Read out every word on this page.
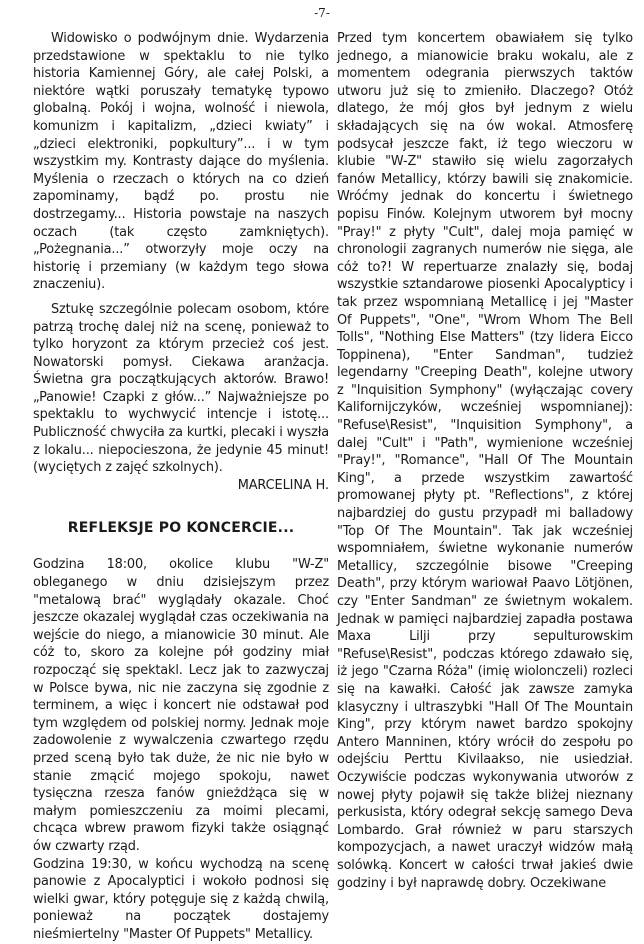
-7-

Widowisko o podwójnym dnie. Wydarzenia przedstawione w spektaklu to nie tylko historia Kamiennej Góry, ale całej Polski, a niektóre wątki poruszały tematykę typowo globalną. Pokój i wojna, wolność i niewola, komunizm i kapitalizm, „dzieci kwiaty” i „dzieci elektroniki, popkultury”... i w tym wszystkim my. Kontrasty dające do myślenia. Myślenia o rzeczach o których na co dzień zapominamy, bądź po. prostu nie dostrzegamy... Historia powstaje na naszych oczach (tak często zamkniętych). „Pożegnania...” otworzyły moje oczy na historię i przemiany (w każdym tego słowa znaczeniu).

Sztukę szczególnie polecam osobom, które patrzą trochę dalej niż na scenę, ponieważ to tylko horyzont za którym przecież coś jest. Nowatorski pomysł. Ciekawa aranżacja. Świetna gra początkujących aktorów. Brawo! „Panowie! Czapki z głów...” Najważniejsze po spektaklu to wychwycić intencje i istotę... Publiczność chwyciła za kurtki, plecaki i wyszła z lokalu... niepocieszona, że jedynie 45 minut! (wyciętych z zajęć szkolnych).

MARCELINA H.

REFLEKSJE PO KONCERCIE...

Godzina 18:00, okolice klubu "W-Z" obleganego w dniu dzisiejszym przez "metalową brać" wyglądały okazale. Choć jeszcze okazalej wyglądał czas oczekiwania na wejście do niego, a mianowicie 30 minut. Ale cóż to, skoro za kolejne pół godziny miał rozpocząć się spektakl. Lecz jak to zazwyczaj w Polsce bywa, nic nie zaczyna się zgodnie z terminem, a więc i koncert nie odstawał pod tym względem od polskiej normy. Jednak moje zadowolenie z wywalczenia czwartego rzędu przed sceną było tak duże, że nic nie było w stanie zmącić mojego spokoju, nawet tysięczna rzesza fanów gnieżdżąca się w małym pomieszczeniu za moimi plecami, chcąca wbrew prawom fizyki także osiągnąć ów czwarty rząd.

Godzina 19:30, w końcu wychodzą na scenę panowie z Apocalyptici i wokoło podnosi się wielki gwar, który potęguje się z każdą chwilą, ponieważ na początek dostajemy nieśmiertelny "Master Of Puppets" Metallicy.

Przed tym koncertem obawiałem się tylko jednego, a mianowicie braku wokalu, ale z momentem odegrania pierwszych taktów utworu już się to zmieniło. Dlaczego? Otóż dlatego, że mój głos był jednym z wielu składających się na ów wokal. Atmosferę podsycał jeszcze fakt, iż tego wieczoru w klubie "W-Z" stawiło się wielu zagorzałych fanów Metallicy, którzy bawili się znakomicie. Wróćmy jednak do koncertu i świetnego popisu Finów. Kolejnym utworem był mocny "Pray!" z płyty "Cult", dalej moja pamięć w chronologii zagranych numerów nie sięga, ale cóż to?! W repertuarze znalazły się, bodaj wszystkie sztandarowe piosenki Apocalypticy i tak przez wspomnianą Metallicę i jej "Master Of Puppets", "One", "Wrom Whom The Bell Tolls", "Nothing Else Matters" (tzy lidera Eicco Toppinena), "Enter Sandman", tudzież legendarny "Creeping Death", kolejne utwory z "Inquisition Symphony" (wyłączając covery Kalifornijczyków, wcześniej wspomnianej): "Refuse\Resist", "Inquisition Symphony", a dalej "Cult" i "Path", wymienione wcześniej "Pray!", "Romance", "Hall Of The Mountain King", a przede wszystkim zawartość promowanej płyty pt. "Reflections", z której najbardziej do gustu przypadł mi balladowy "Top Of The Mountain". Tak jak wcześniej wspomniałem, świetne wykonanie numerów Metallicy, szczególnie bisowe "Creeping Death", przy którym wariował Paavo Lötjönen, czy "Enter Sandman" ze świetnym wokalem. Jednak w pamięci najbardziej zapadła postawa Maxa Lilji przy sepulturowskim "Refuse\Resist", podczas którego zdawało się, iż jego "Czarna Róża" (imię wiolonczeli) rozleci się na kawałki. Całość jak zawsze zamyka klasyczny i ultraszybki "Hall Of The Mountain King", przy którym nawet bardzo spokojny Antero Manninen, który wrócił do zespołu po odejściu Perttu Kivilaakso, nie usiedział. Oczywiście podczas wykonywania utworów z nowej płyty pojawił się także bliżej nieznany perkusista, który odegrał sekcję samego Deva Lombardo. Grał również w paru starszych kompozycjach, a nawet uraczył widzów małą solówką. Koncert w całości trwał jakieś dwie godziny i był naprawdę dobry. Oczekiwane
